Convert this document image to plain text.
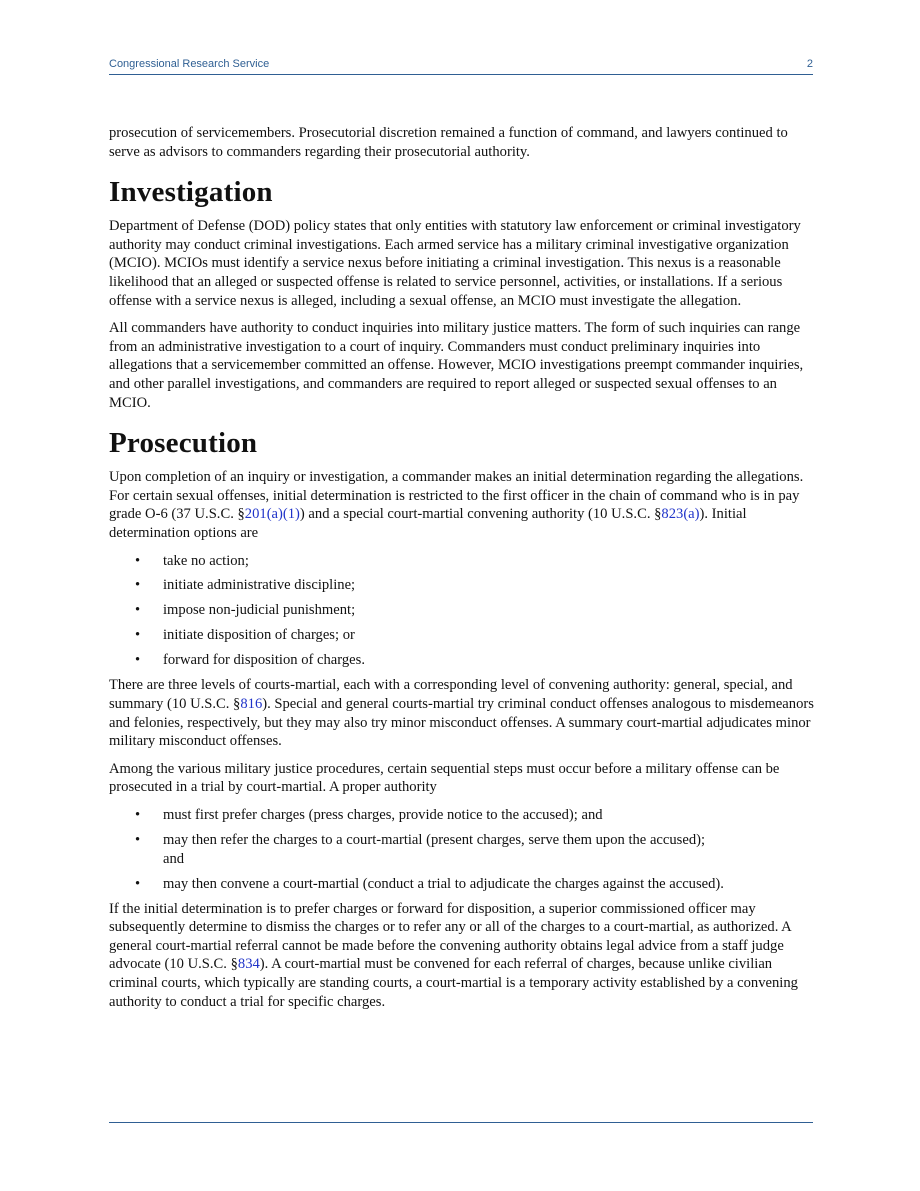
Congressional Research Service	2

prosecution of servicemembers. Prosecutorial discretion remained a function of command, and lawyers continued to serve as advisors to commanders regarding their prosecutorial authority.

Investigation

Department of Defense (DOD) policy states that only entities with statutory law enforcement or criminal investigatory authority may conduct criminal investigations. Each armed service has a military criminal investigative organization (MCIO). MCIOs must identify a service nexus before initiating a criminal investigation. This nexus is a reasonable likelihood that an alleged or suspected offense is related to service personnel, activities, or installations. If a serious offense with a service nexus is alleged, including a sexual offense, an MCIO must investigate the allegation.

All commanders have authority to conduct inquiries into military justice matters. The form of such inquiries can range from an administrative investigation to a court of inquiry. Commanders must conduct preliminary inquiries into allegations that a servicemember committed an offense. However, MCIO investigations preempt commander inquiries, and other parallel investigations, and commanders are required to report alleged or suspected sexual offenses to an MCIO.

Prosecution

Upon completion of an inquiry or investigation, a commander makes an initial determination regarding the allegations. For certain sexual offenses, initial determination is restricted to the first officer in the chain of command who is in pay grade O-6 (37 U.S.C. §201(a)(1)) and a special court-martial convening authority (10 U.S.C. §823(a)). Initial determination options are

• take no action;
• initiate administrative discipline;
• impose non-judicial punishment;
• initiate disposition of charges; or
• forward for disposition of charges.

There are three levels of courts-martial, each with a corresponding level of convening authority: general, special, and summary (10 U.S.C. §816). Special and general courts-martial try criminal conduct offenses analogous to misdemeanors and felonies, respectively, but they may also try minor misconduct offenses. A summary court-martial adjudicates minor military misconduct offenses.

Among the various military justice procedures, certain sequential steps must occur before a military offense can be prosecuted in a trial by court-martial. A proper authority

• must first prefer charges (press charges, provide notice to the accused); and
• may then refer the charges to a court-martial (present charges, serve them upon the accused); and
• may then convene a court-martial (conduct a trial to adjudicate the charges against the accused).

If the initial determination is to prefer charges or forward for disposition, a superior commissioned officer may subsequently determine to dismiss the charges or to refer any or all of the charges to a court-martial, as authorized. A general court-martial referral cannot be made before the convening authority obtains legal advice from a staff judge advocate (10 U.S.C. §834). A court-martial must be convened for each referral of charges, because unlike civilian criminal courts, which typically are standing courts, a court-martial is a temporary activity established by a convening authority to conduct a trial for specific charges.
